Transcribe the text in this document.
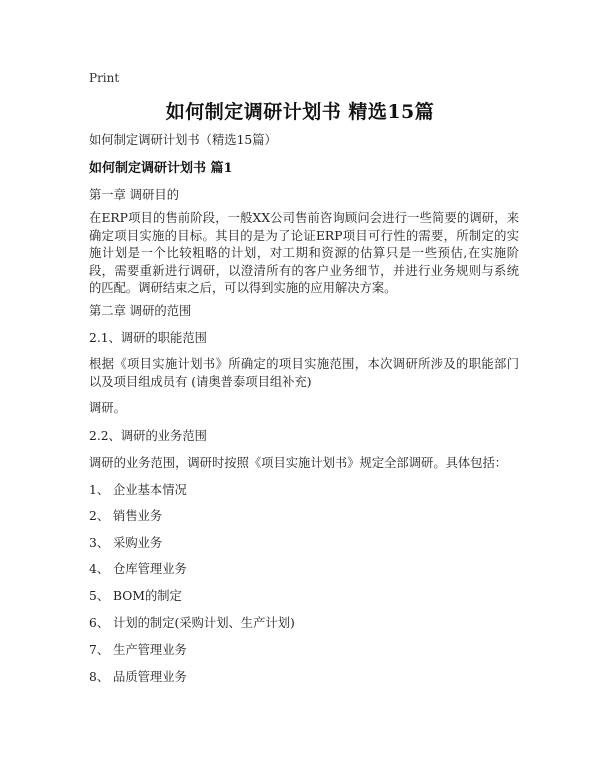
Print
如何制定调研计划书 精选15篇

如何制定调研计划书（精选15篇）

如何制定调研计划书 篇1

第一章 调研目的

在ERP项目的售前阶段，一般XX公司售前咨询顾问会进行一些简要的调研，来确定项目实施的目标。其目的是为了论证ERP项目可行性的需要，所制定的实施计划是一个比较粗略的计划，对工期和资源的估算只是一些预估,在实施阶段，需要重新进行调研，以澄清所有的客户业务细节，并进行业务规则与系统的匹配。调研结束之后，可以得到实施的应用解决方案。

第二章 调研的范围

2.1、调研的职能范围

根据《项目实施计划书》所确定的项目实施范围，本次调研所涉及的职能部门以及项目组成员有 (请奥普泰项目组补充)

调研。

2.2、调研的业务范围

调研的业务范围，调研时按照《项目实施计划书》规定全部调研。具体包括：

1、 企业基本情况

2、 销售业务

3、 采购业务

4、 仓库管理业务

5、 BOM的制定

6、 计划的制定(采购计划、生产计划)

7、 生产管理业务

8、 品质管理业务
